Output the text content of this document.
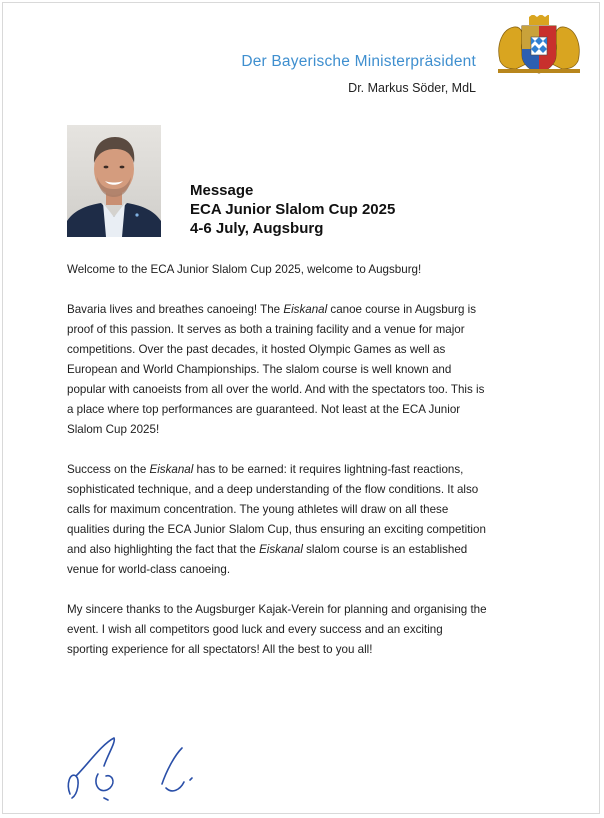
Der Bayerische Ministerpräsident
Dr. Markus Söder, MdL
Message
ECA Junior Slalom Cup 2025
4-6 July, Augsburg

Welcome to the ECA Junior Slalom Cup 2025, welcome to Augsburg!

Bavaria lives and breathes canoeing! The Eiskanal canoe course in Augsburg is proof of this passion. It serves as both a training facility and a venue for major competitions. Over the past decades, it hosted Olympic Games as well as European and World Championships. The slalom course is well known and popular with canoeists from all over the world. And with the spectators too. This is a place where top performances are guaranteed. Not least at the ECA Junior Slalom Cup 2025!

Success on the Eiskanal has to be earned: it requires lightning-fast reactions, sophisticated technique, and a deep understanding of the flow conditions. It also calls for maximum concentration. The young athletes will draw on all these qualities during the ECA Junior Slalom Cup, thus ensuring an exciting competition and also highlighting the fact that the Eiskanal slalom course is an established venue for world-class canoeing.

My sincere thanks to the Augsburger Kajak-Verein for planning and organising the event. I wish all competitors good luck and every success and an exciting sporting experience for all spectators! All the best to you all!
